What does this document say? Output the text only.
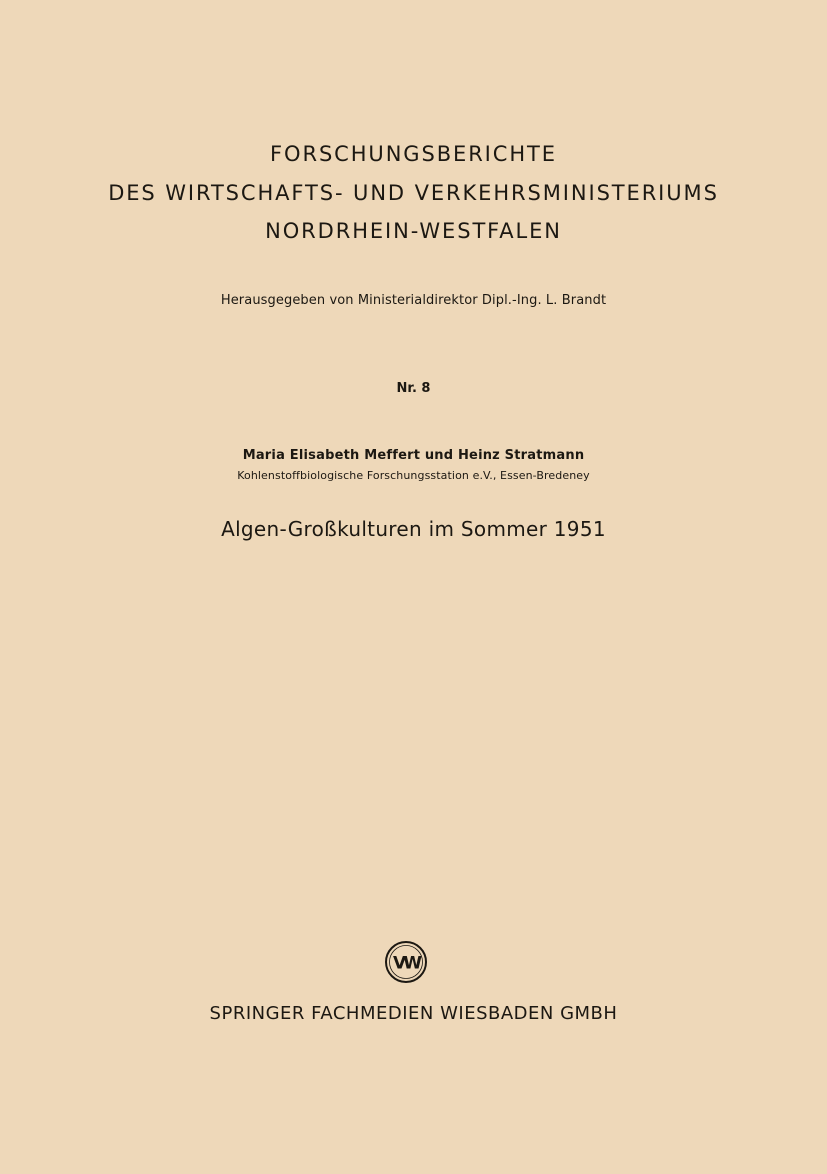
FORSCHUNGSBERICHTE
DES WIRTSCHAFTS- UND VERKEHRSMINISTERIUMS
NORDRHEIN-WESTFALEN
Herausgegeben von Ministerialdirektor Dipl.-Ing. L. Brandt
Nr. 8
Maria Elisabeth Meffert und Heinz Stratmann
Kohlenstoffbiologische Forschungsstation e.V., Essen-Bredeney
Algen-Großkulturen im Sommer 1951
VW
SPRINGER FACHMEDIEN WIESBADEN GMBH
